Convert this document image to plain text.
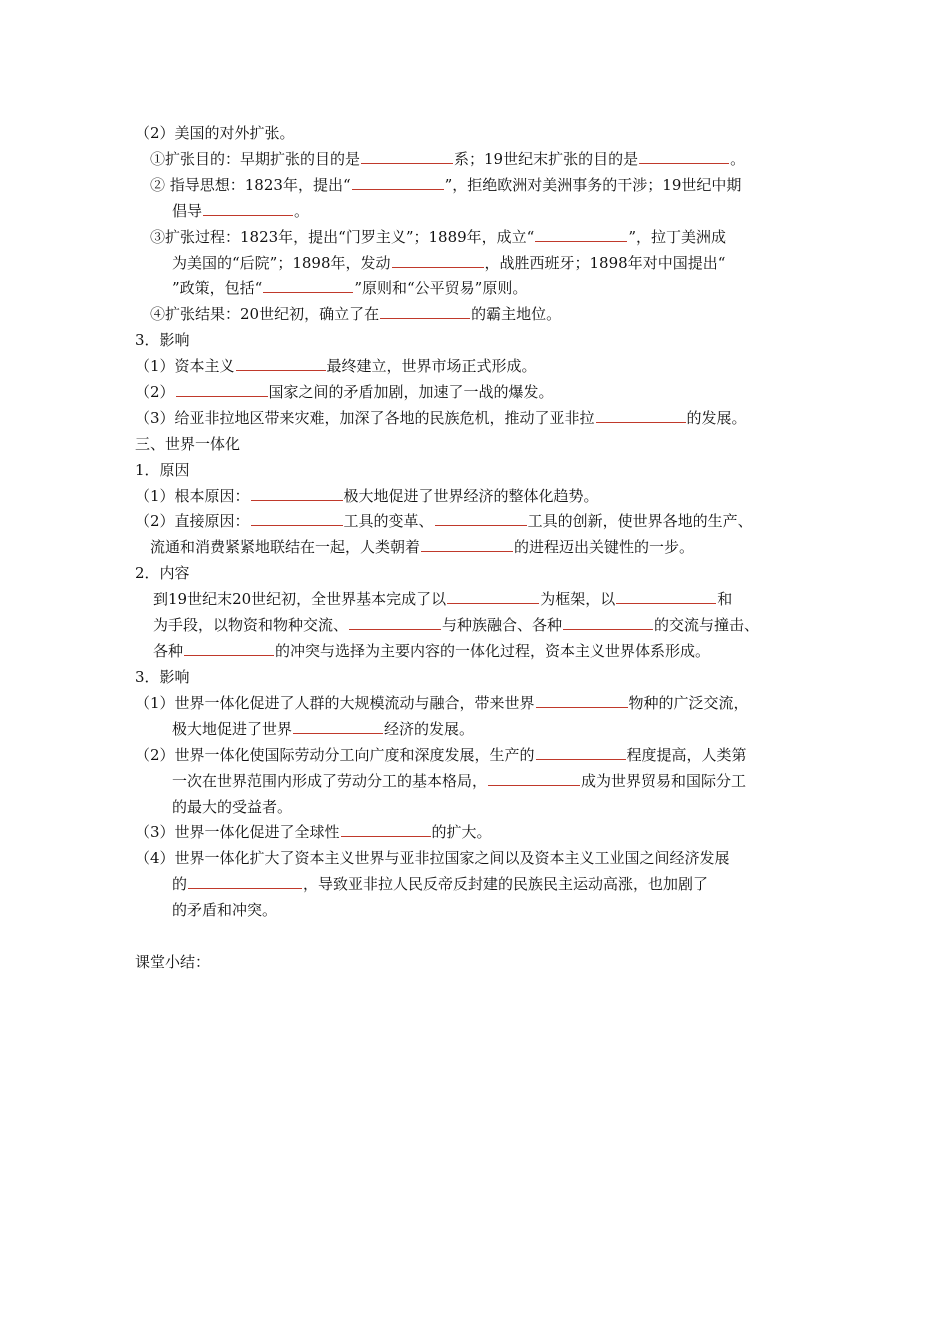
（2）美国的对外扩张。
①扩张目的：早期扩张的目的是	系；19世纪末扩张的目的是	。
② 指导思想：1823年，提出“	”，拒绝欧洲对美洲事务的干涉；19世纪中期
倡导	。
③扩张过程：1823年，提出“门罗主义”；1889年，成立“	”，拉丁美洲成
为美国的“后院”；1898年，发动	，战胜西班牙；1898年对中国提出“
”政策，包括“	”原则和“公平贸易”原则。
④扩张结果：20世纪初，确立了在	的霸主地位。
3．影响
（1）资本主义	最终建立，世界市场正式形成。
（2）	国家之间的矛盾加剧，加速了一战的爆发。
（3）给亚非拉地区带来灾难，加深了各地的民族危机，推动了亚非拉	的发展。
三、世界一体化
1．原因
（1）根本原因：	极大地促进了世界经济的整体化趋势。
（2）直接原因：	工具的变革、	工具的创新，使世界各地的生产、
流通和消费紧紧地联结在一起，人类朝着	的进程迈出关键性的一步。
2．内容
到19世纪末20世纪初，全世界基本完成了以	为框架，以	和
为手段，以物资和物种交流、	与种族融合、各种	的交流与撞击、
各种	的冲突与选择为主要内容的一体化过程，资本主义世界体系形成。
3．影响
（1）世界一体化促进了人群的大规模流动与融合，带来世界	物种的广泛交流，
极大地促进了世界	经济的发展。
（2）世界一体化使国际劳动分工向广度和深度发展，生产的	程度提高，人类第
一次在世界范围内形成了劳动分工的基本格局，	成为世界贸易和国际分工
的最大的受益者。
（3）世界一体化促进了全球性	的扩大。
（4）世界一体化扩大了资本主义世界与亚非拉国家之间以及资本主义工业国之间经济发展
的	，导致亚非拉人民反帝反封建的民族民主运动高涨，也加剧了
的矛盾和冲突。
课堂小结：
